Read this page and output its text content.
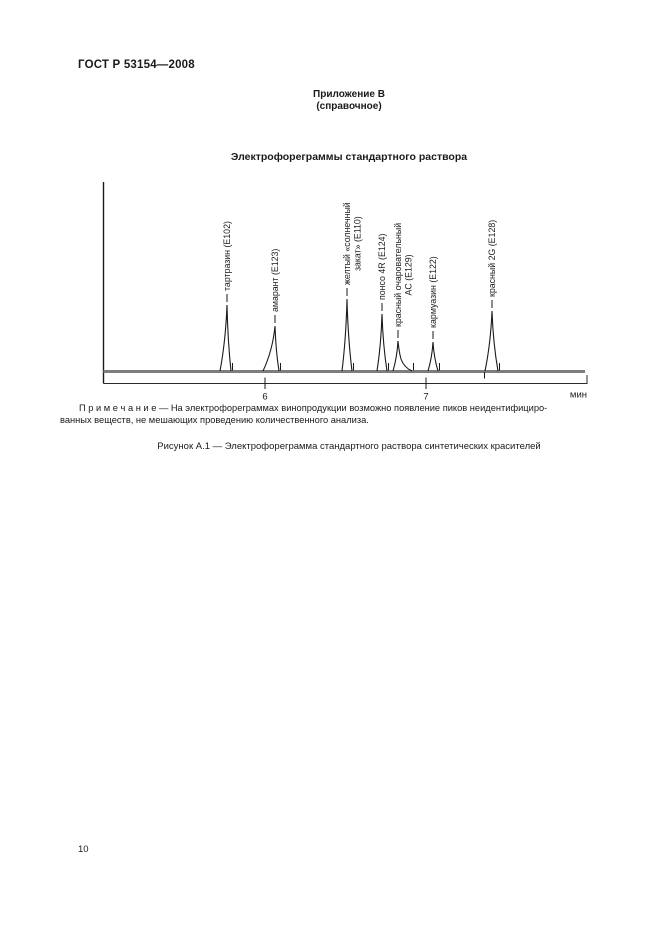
ГОСТ Р 53154—2008
Приложение В
(справочное)
Электрофореграммы стандартного раствора
6	7
тартразин (E102)	амарант (E123)	желтый «солнечный закат» (E110) понсо 4R (E124) красный очаровательный AC (E129) кармуазин (E122)	красный 2G (E128)
мин
П р и м е ч а н и е — На электрофореграммах винопродукции возможно появление пиков неидентифициро-
ванных веществ, не мешающих проведению количественного анализа.
Рисунок А.1 — Электрофореграмма стандартного раствора синтетических красителей
10
